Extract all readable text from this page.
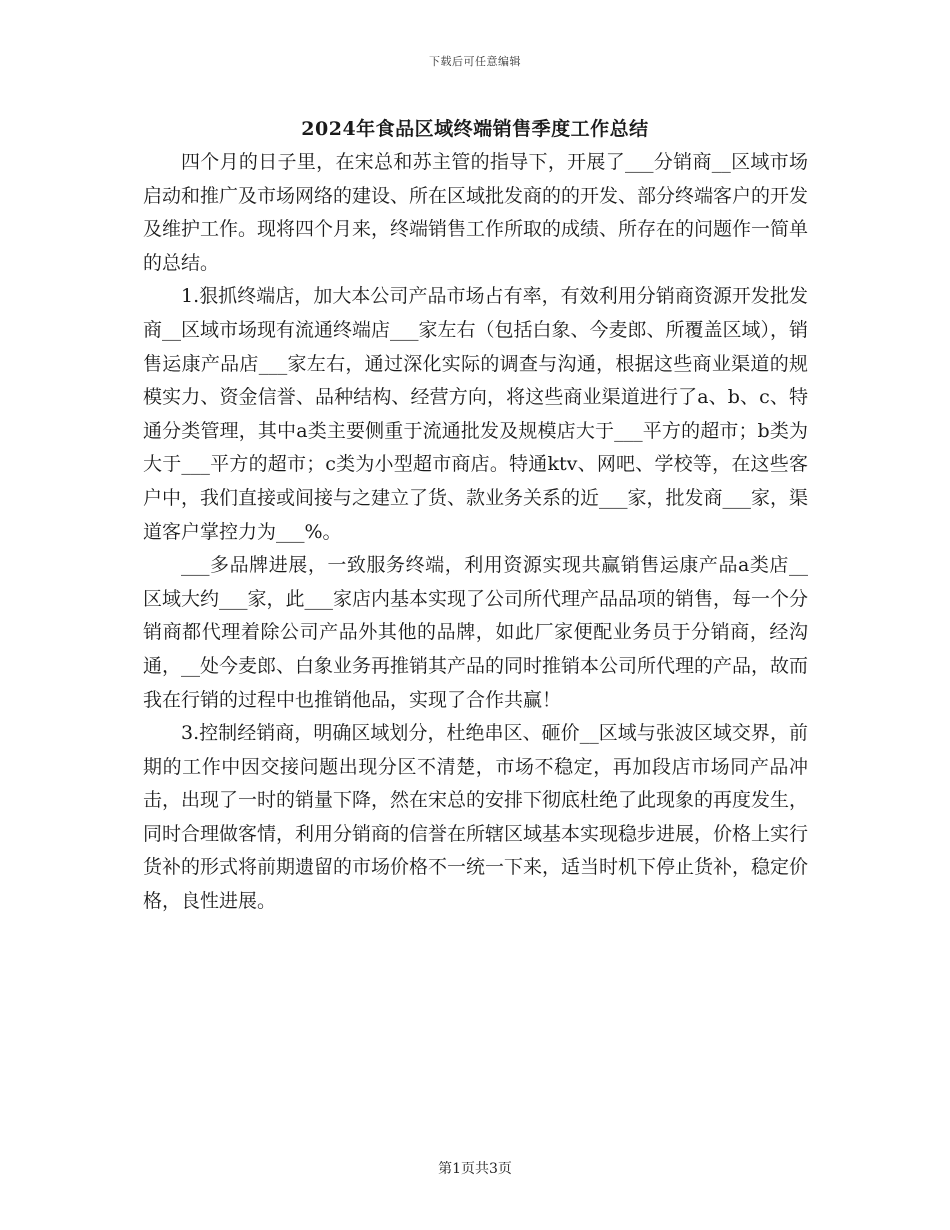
下载后可任意编辑
2024年食品区域终端销售季度工作总结

四个月的日子里，在宋总和苏主管的指导下，开展了___分销商__区域市场启动和推广及市场网络的建设、所在区域批发商的的开发、部分终端客户的开发及维护工作。现将四个月来，终端销售工作所取的成绩、所存在的问题作一简单的总结。

1.狠抓终端店，加大本公司产品市场占有率，有效利用分销商资源开发批发商__区域市场现有流通终端店___家左右（包括白象、今麦郎、所覆盖区域），销售运康产品店___家左右，通过深化实际的调查与沟通，根据这些商业渠道的规模实力、资金信誉、品种结构、经营方向，将这些商业渠道进行了a、b、c、特通分类管理，其中a类主要侧重于流通批发及规模店大于___平方的超市；b类为大于___平方的超市；c类为小型超市商店。特通ktv、网吧、学校等，在这些客户中，我们直接或间接与之建立了货、款业务关系的近___家，批发商___家，渠道客户掌控力为___%。

___多品牌进展，一致服务终端，利用资源实现共赢销售运康产品a类店__区域大约___家，此___家店内基本实现了公司所代理产品品项的销售，每一个分销商都代理着除公司产品外其他的品牌，如此厂家便配业务员于分销商，经沟通，__处今麦郎、白象业务再推销其产品的同时推销本公司所代理的产品，故而我在行销的过程中也推销他品，实现了合作共赢！

3.控制经销商，明确区域划分，杜绝串区、砸价__区域与张波区域交界，前期的工作中因交接问题出现分区不清楚，市场不稳定，再加段店市场同产品冲击，出现了一时的销量下降，然在宋总的安排下彻底杜绝了此现象的再度发生，同时合理做客情，利用分销商的信誉在所辖区域基本实现稳步进展，价格上实行货补的形式将前期遗留的市场价格不一统一下来，适当时机下停止货补，稳定价格，良性进展。

第1页共3页
